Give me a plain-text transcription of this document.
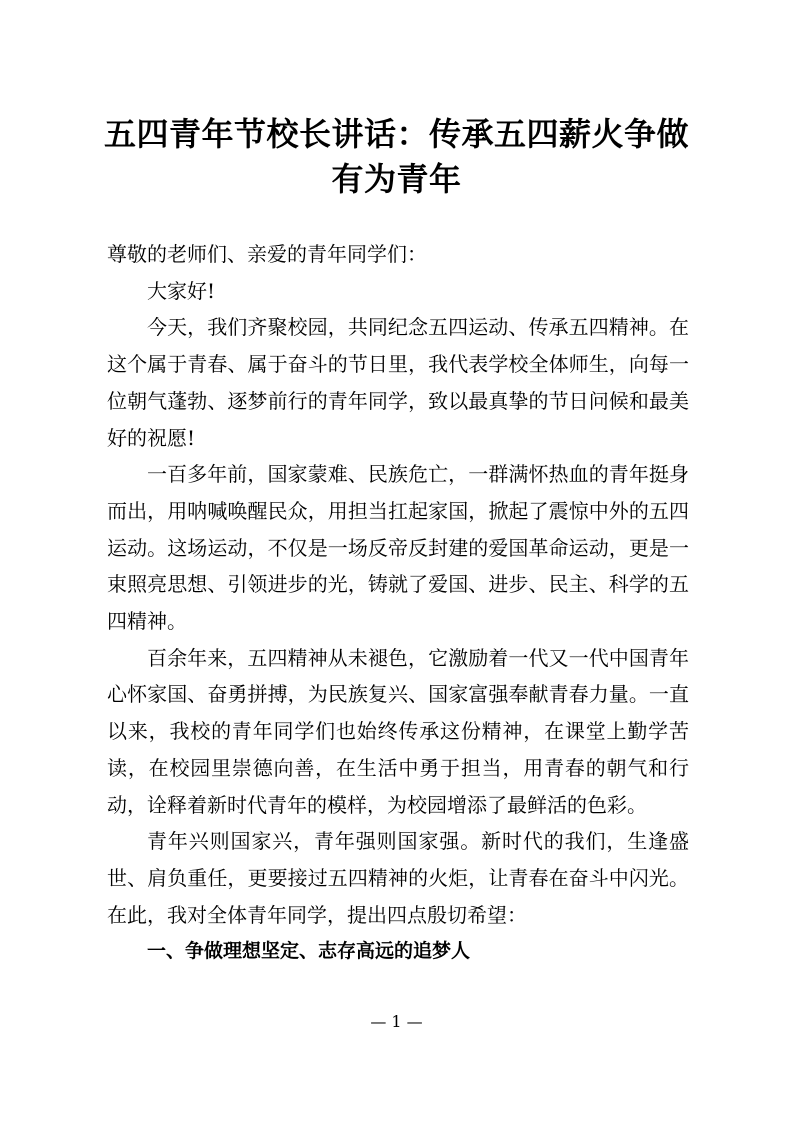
五四青年节校长讲话：传承五四薪火争做
有为青年

尊敬的老师们、亲爱的青年同学们：

大家好!

今天，我们齐聚校园，共同纪念五四运动、传承五四精神。在这个属于青春、属于奋斗的节日里，我代表学校全体师生，向每一位朝气蓬勃、逐梦前行的青年同学，致以最真挚的节日问候和最美好的祝愿!

一百多年前，国家蒙难、民族危亡，一群满怀热血的青年挺身而出，用呐喊唤醒民众，用担当扛起家国，掀起了震惊中外的五四运动。这场运动，不仅是一场反帝反封建的爱国革命运动，更是一束照亮思想、引领进步的光，铸就了爱国、进步、民主、科学的五四精神。

百余年来，五四精神从未褪色，它激励着一代又一代中国青年心怀家国、奋勇拼搏，为民族复兴、国家富强奉献青春力量。一直以来，我校的青年同学们也始终传承这份精神，在课堂上勤学苦读，在校园里崇德向善，在生活中勇于担当，用青春的朝气和行动，诠释着新时代青年的模样，为校园增添了最鲜活的色彩。

青年兴则国家兴，青年强则国家强。新时代的我们，生逢盛世、肩负重任，更要接过五四精神的火炬，让青春在奋斗中闪光。在此，我对全体青年同学，提出四点殷切希望：

一、争做理想坚定、志存高远的追梦人

— 1 —
